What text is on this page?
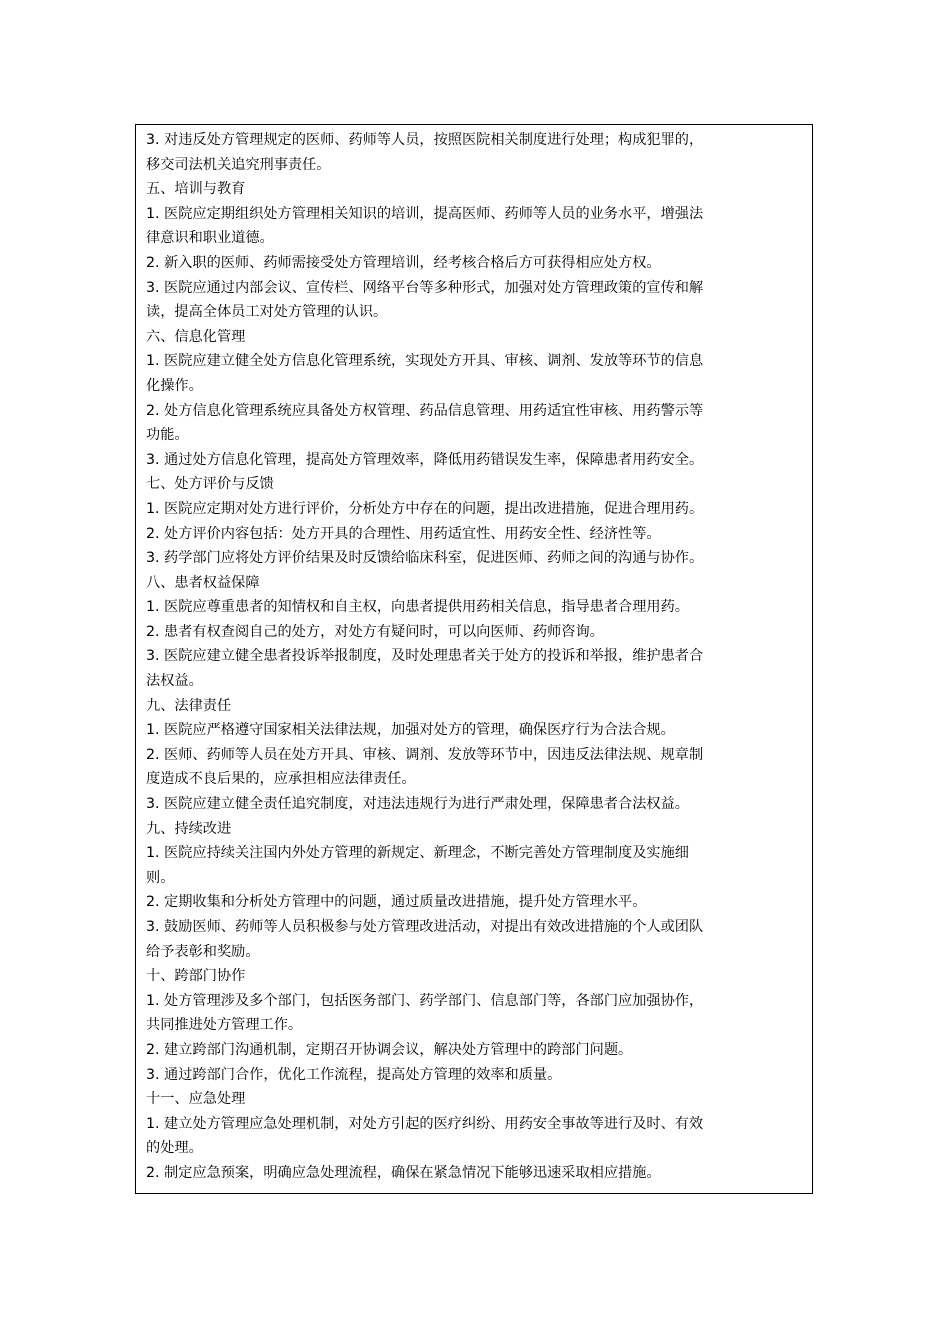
3. 对违反处方管理规定的医师、药师等人员，按照医院相关制度进行处理；构成犯罪的，
移交司法机关追究刑事责任。
五、培训与教育
1. 医院应定期组织处方管理相关知识的培训，提高医师、药师等人员的业务水平，增强法
律意识和职业道德。
2. 新入职的医师、药师需接受处方管理培训，经考核合格后方可获得相应处方权。
3. 医院应通过内部会议、宣传栏、网络平台等多种形式，加强对处方管理政策的宣传和解
读，提高全体员工对处方管理的认识。
六、信息化管理
1. 医院应建立健全处方信息化管理系统，实现处方开具、审核、调剂、发放等环节的信息
化操作。
2. 处方信息化管理系统应具备处方权管理、药品信息管理、用药适宜性审核、用药警示等
功能。
3. 通过处方信息化管理，提高处方管理效率，降低用药错误发生率，保障患者用药安全。
七、处方评价与反馈
1. 医院应定期对处方进行评价，分析处方中存在的问题，提出改进措施，促进合理用药。
2. 处方评价内容包括：处方开具的合理性、用药适宜性、用药安全性、经济性等。
3. 药学部门应将处方评价结果及时反馈给临床科室，促进医师、药师之间的沟通与协作。
八、患者权益保障
1. 医院应尊重患者的知情权和自主权，向患者提供用药相关信息，指导患者合理用药。
2. 患者有权查阅自己的处方，对处方有疑问时，可以向医师、药师咨询。
3. 医院应建立健全患者投诉举报制度，及时处理患者关于处方的投诉和举报，维护患者合
法权益。
九、法律责任
1. 医院应严格遵守国家相关法律法规，加强对处方的管理，确保医疗行为合法合规。
2. 医师、药师等人员在处方开具、审核、调剂、发放等环节中，因违反法律法规、规章制
度造成不良后果的，应承担相应法律责任。
3. 医院应建立健全责任追究制度，对违法违规行为进行严肃处理，保障患者合法权益。
九、持续改进
1. 医院应持续关注国内外处方管理的新规定、新理念，不断完善处方管理制度及实施细
则。
2. 定期收集和分析处方管理中的问题，通过质量改进措施，提升处方管理水平。
3. 鼓励医师、药师等人员积极参与处方管理改进活动，对提出有效改进措施的个人或团队
给予表彰和奖励。
十、跨部门协作
1. 处方管理涉及多个部门，包括医务部门、药学部门、信息部门等，各部门应加强协作，
共同推进处方管理工作。
2. 建立跨部门沟通机制，定期召开协调会议，解决处方管理中的跨部门问题。
3. 通过跨部门合作，优化工作流程，提高处方管理的效率和质量。
十一、应急处理
1. 建立处方管理应急处理机制，对处方引起的医疗纠纷、用药安全事故等进行及时、有效
的处理。
2. 制定应急预案，明确应急处理流程，确保在紧急情况下能够迅速采取相应措施。
